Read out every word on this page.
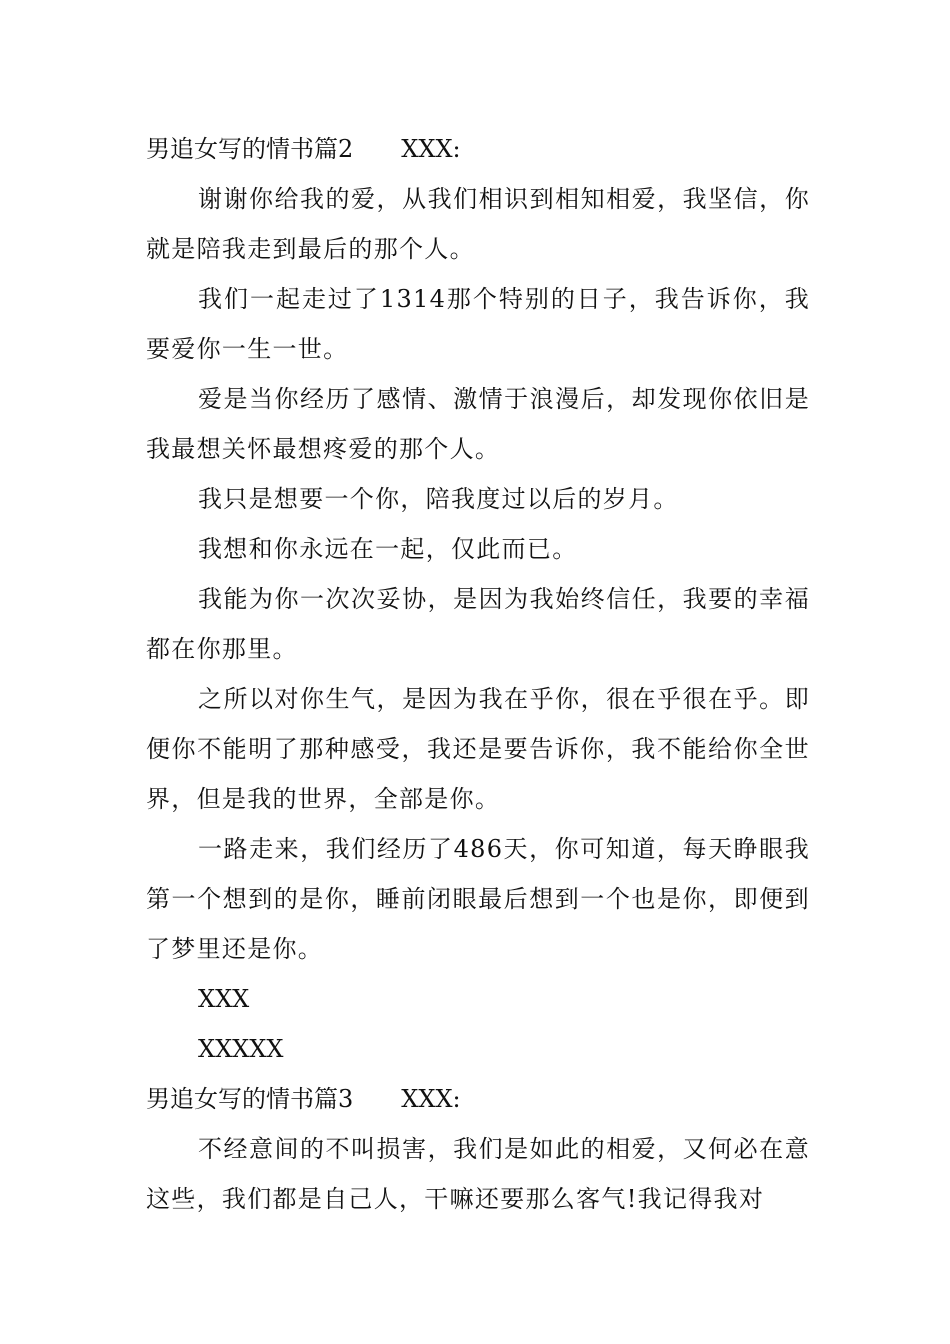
男追女写的情书篇2 XXX:

谢谢你给我的爱，从我们相识到相知相爱，我坚信，你就是陪我走到最后的那个人。

我们一起走过了1314那个特别的日子，我告诉你，我要爱你一生一世。

爱是当你经历了感情、激情于浪漫后，却发现你依旧是我最想关怀最想疼爱的那个人。

我只是想要一个你，陪我度过以后的岁月。

我想和你永远在一起，仅此而已。

我能为你一次次妥协，是因为我始终信任，我要的幸福都在你那里。

之所以对你生气，是因为我在乎你，很在乎很在乎。即便你不能明了那种感受，我还是要告诉你，我不能给你全世界，但是我的世界，全部是你。

一路走来，我们经历了486天，你可知道，每天睁眼我第一个想到的是你，睡前闭眼最后想到一个也是你，即便到了梦里还是你。

XXX

XXXXX

男追女写的情书篇3 XXX:

不经意间的不叫损害，我们是如此的相爱，又何必在意这些，我们都是自己人，干嘛还要那么客气!我记得我对
